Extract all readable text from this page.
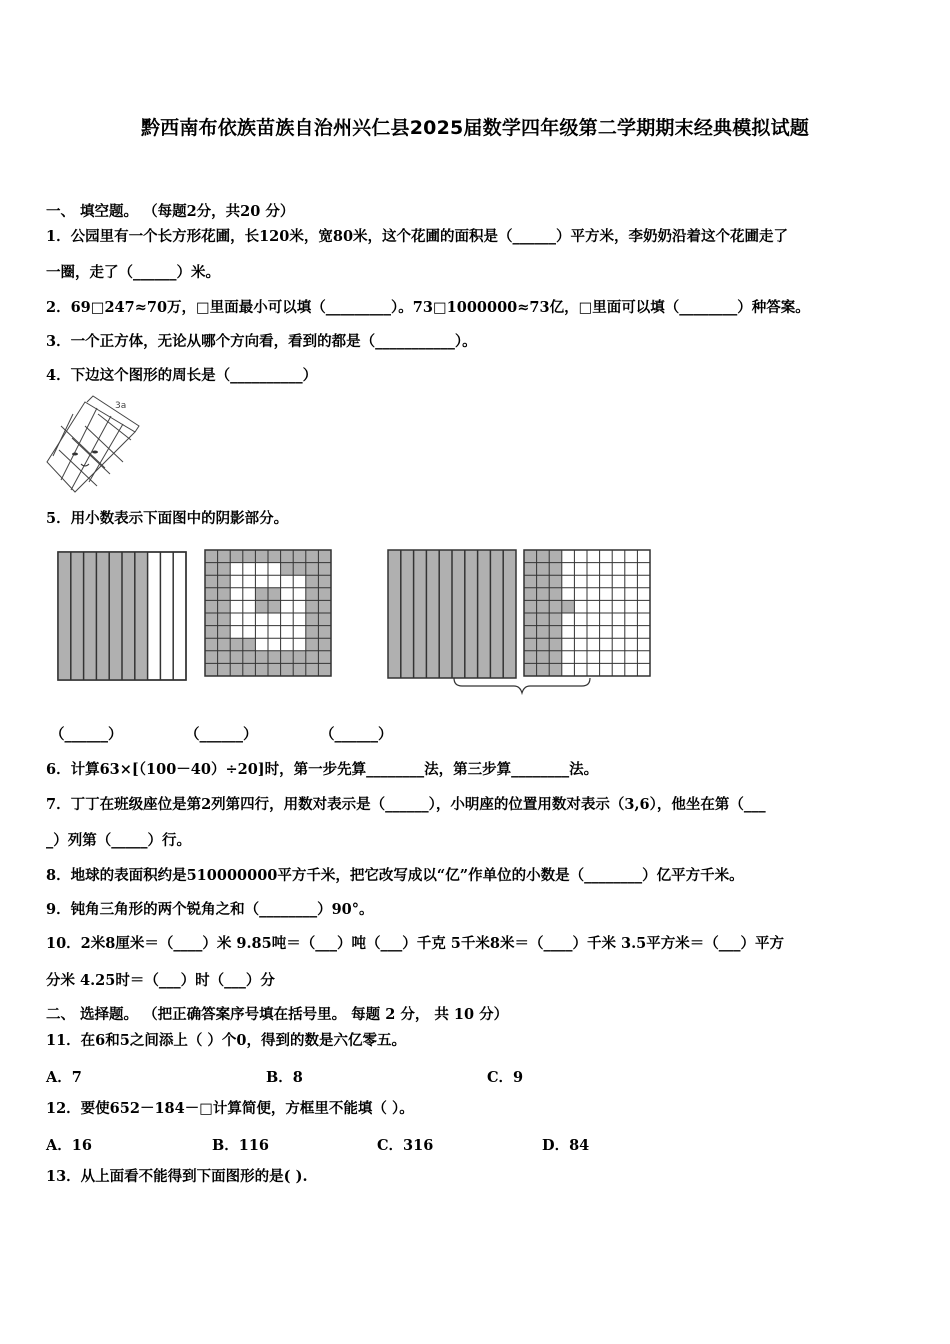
黔西南布依族苗族自治州兴仁县2025届数学四年级第二学期期末经典模拟试题
一、 填空题。 （每题2分，共20 分）
1．公园里有一个长方形花圃，长120米，宽80米，这个花圃的面积是（______）平方米，李奶奶沿着这个花圃走了
一圈，走了（______）米。
2．69□247≈70万，□里面最小可以填（_________）。73□1000000≈73亿，□里面可以填（________）种答案。
3．一个正方体，无论从哪个方向看，看到的都是（___________）。
4．下边这个图形的周长是（__________）
3a
5．用小数表示下面图中的阴影部分。
（______）	（______）	（______）
6．计算63×[（100－40）÷20]时，第一步先算________法，第三步算________法。
7．丁丁在班级座位是第2列第四行，用数对表示是（______），小明座的位置用数对表示（3,6），他坐在第（___
_）列第（_____）行。
8．地球的表面积约是510000000平方千米，把它改写成以“亿”作单位的小数是（________）亿平方千米。
9．钝角三角形的两个锐角之和（________）90°。
10．2米8厘米＝（____）米 9.85吨＝（___）吨（___）千克 5千米8米＝（____）千米 3.5平方米＝（___）平方
分米 4.25时＝（___）时（___）分
二、 选择题。 （把正确答案序号填在括号里。 每题 2 分， 共 10 分）
11．在6和5之间添上（ ）个0，得到的数是六亿零五。
A．7	B．8	C．9
12．要使652－184－□计算简便，方框里不能填（ ）。
A．16	B．116	C．316	D．84
13．从上面看不能得到下面图形的是( ).
